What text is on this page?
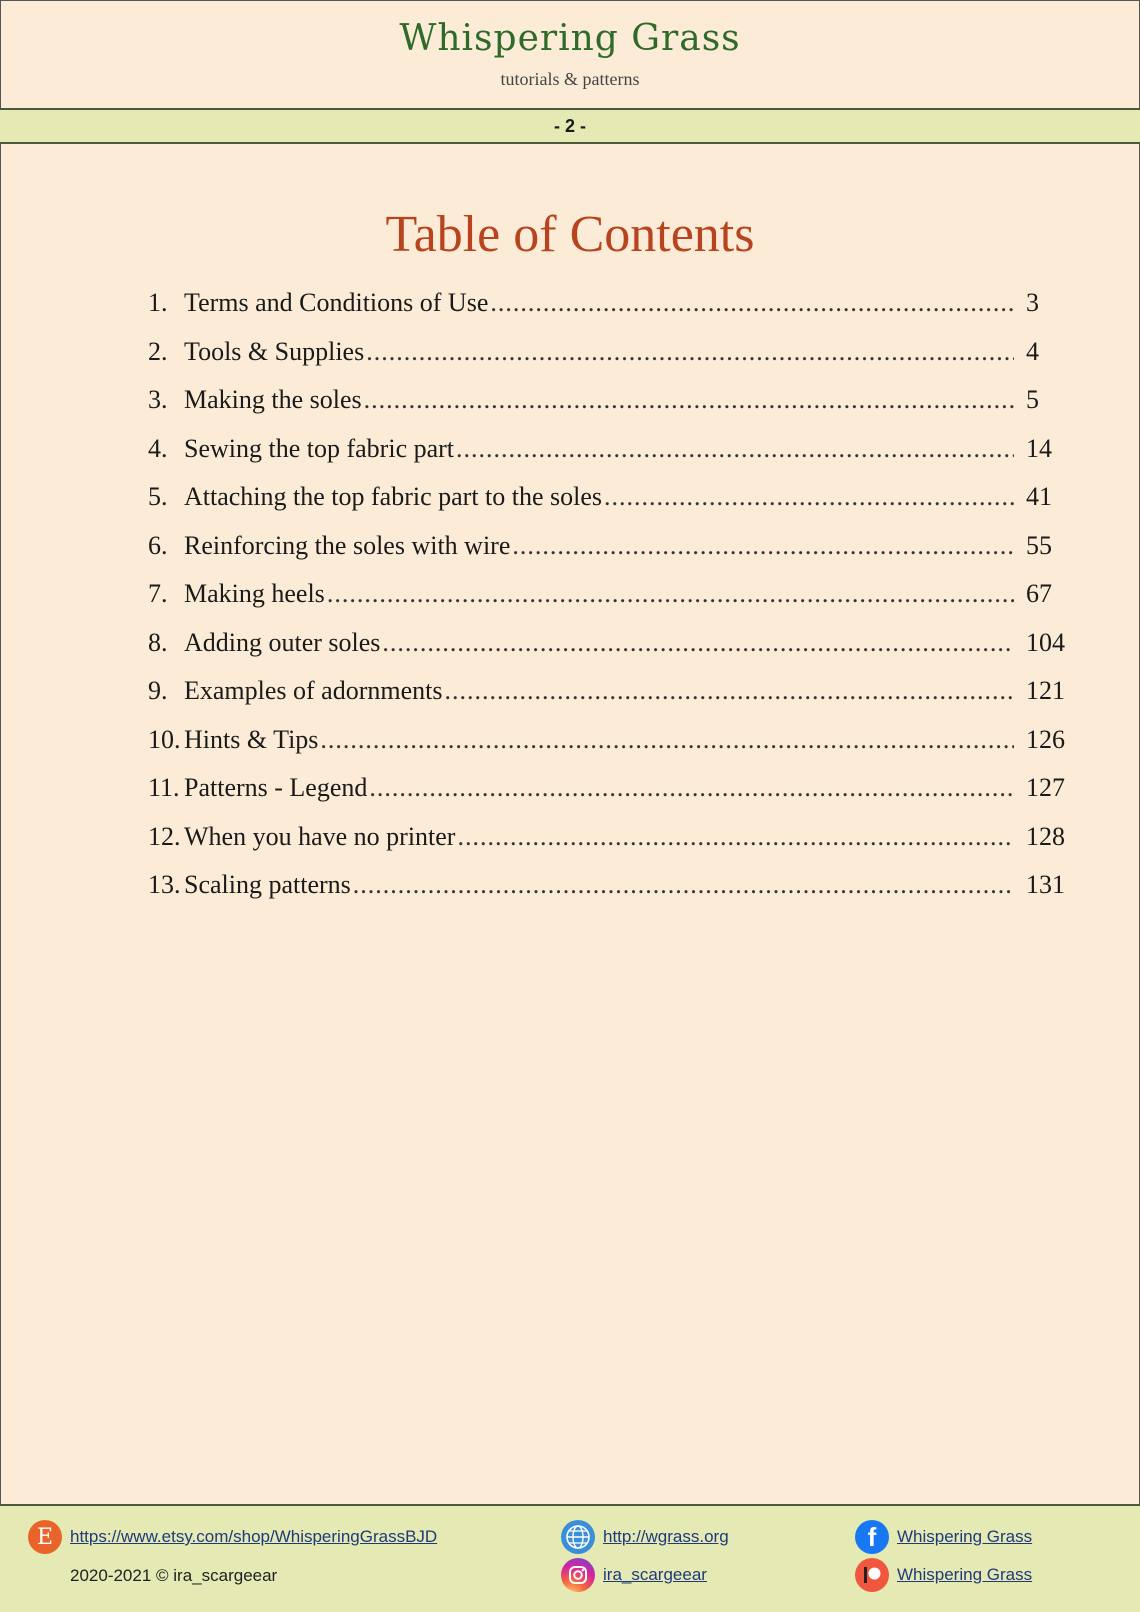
Whispering Grass
tutorials & patterns
- 2 -
Table of Contents
1. Terms and Conditions of Use .....	3
2. Tools & Supplies .....	4
3. Making the soles .....	5
4. Sewing the top fabric part .....	14
5. Attaching the top fabric part to the soles .....	41
6. Reinforcing the soles with wire .....	55
7. Making heels .....	67
8. Adding outer soles .....	104
9. Examples of adornments .....	121
10. Hints & Tips .....	126
11. Patterns - Legend .....	127
12. When you have no printer .....	128
13. Scaling patterns .....	131
E https://www.etsy.com/shop/WhisperingGrassBJD
2020-2021 © ira_scargeear
http://wgrass.org
ira_scargeear
f	Whispering Grass
Whispering Grass
